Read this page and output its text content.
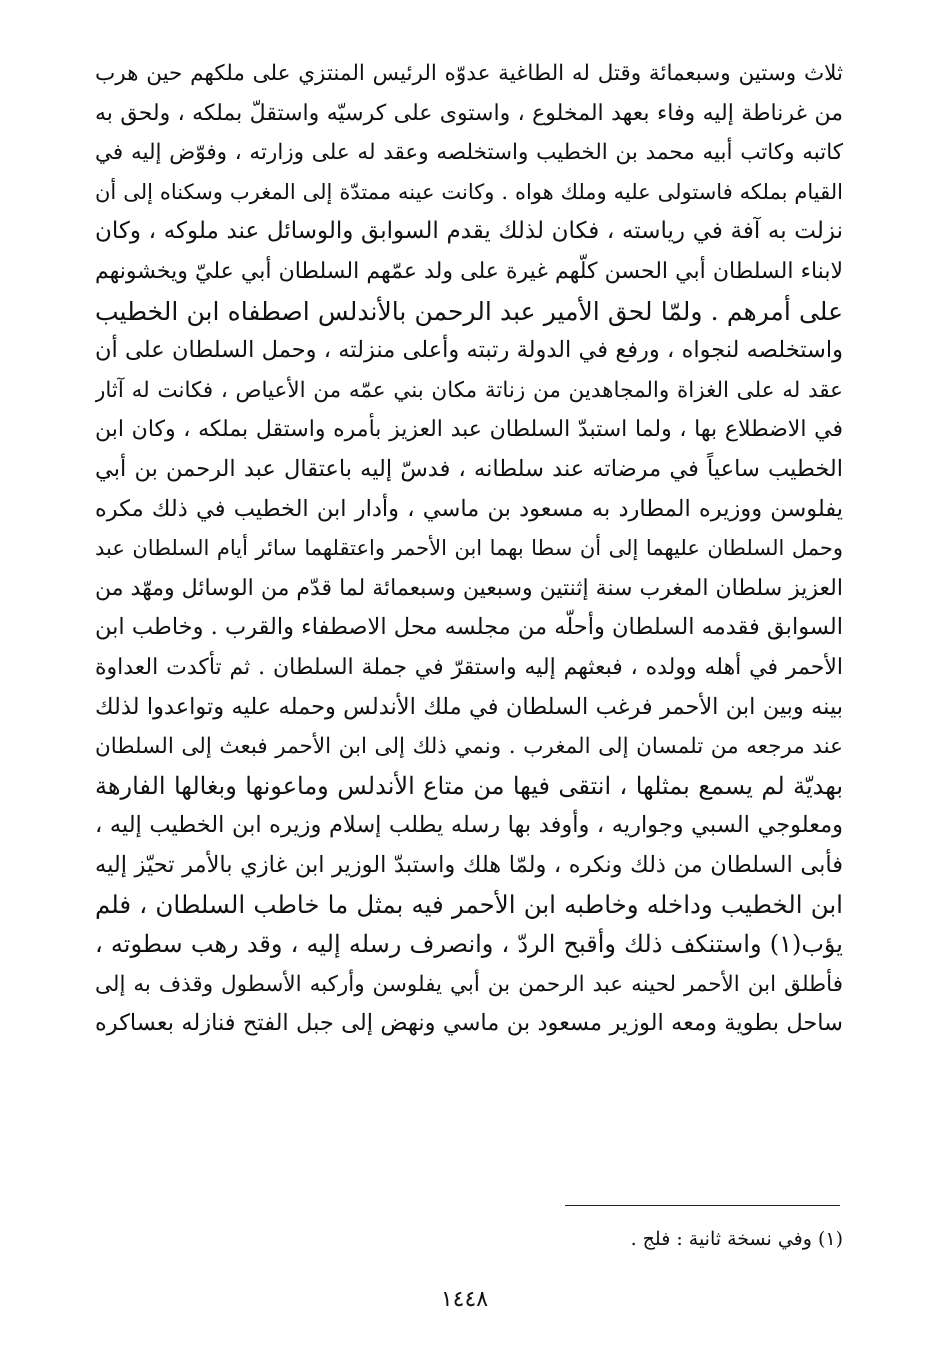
ثلاث وستين وسبعمائة وقتل له الطاغية عدوّه الرئيس المنتزي على ملكهم حين هرب
من غرناطة إليه وفاء بعهد المخلوع ، واستوى على كرسيّه واستقلّ بملكه ، ولحق به
كاتبه وكاتب أبيه محمد بن الخطيب واستخلصه وعقد له على وزارته ، وفوّض إليه في
القيام بملكه فاستولى عليه وملك هواه . وكانت عينه ممتدّة إلى المغرب وسكناه إلى أن
نزلت به آفة في رياسته ، فكان لذلك يقدم السوابق والوسائل عند ملوكه ، وكان
لابناء السلطان أبي الحسن كلّهم غيرة على ولد عمّهم السلطان أبي عليّ ويخشونهم
على أمرهم . ولمّا لحق الأمير عبد الرحمن بالأندلس اصطفاه ابن الخطيب
واستخلصه لنجواه ، ورفع في الدولة رتبته وأعلى منزلته ، وحمل السلطان على أن
عقد له على الغزاة والمجاهدين من زناتة مكان بني عمّه من الأعياص ، فكانت له آثار
في الاضطلاع بها ، ولما استبدّ السلطان عبد العزيز بأمره واستقل بملكه ، وكان ابن
الخطيب ساعياً في مرضاته عند سلطانه ، فدسّ إليه باعتقال عبد الرحمن بن أبي
يفلوسن ووزيره المطارد به مسعود بن ماسي ، وأدار ابن الخطيب في ذلك مكره
وحمل السلطان عليهما إلى أن سطا بهما ابن الأحمر واعتقلهما سائر أيام السلطان عبد
العزيز سلطان المغرب سنة إثنتين وسبعين وسبعمائة لما قدّم من الوسائل ومهّد من
السوابق فقدمه السلطان وأحلّه من مجلسه محل الاصطفاء والقرب . وخاطب ابن
الأحمر في أهله وولده ، فبعثهم إليه واستقرّ في جملة السلطان . ثم تأكدت العداوة
بينه وبين ابن الأحمر فرغب السلطان في ملك الأندلس وحمله عليه وتواعدوا لذلك
عند مرجعه من تلمسان إلى المغرب . ونمي ذلك إلى ابن الأحمر فبعث إلى السلطان
بهديّة لم يسمع بمثلها ، انتقى فيها من متاع الأندلس وماعونها وبغالها الفارهة
ومعلوجي السبي وجواريه ، وأوفد بها رسله يطلب إسلام وزيره ابن الخطيب إليه ،
فأبى السلطان من ذلك ونكره ، ولمّا هلك واستبدّ الوزير ابن غازي بالأمر تحيّز إليه
ابن الخطيب وداخله وخاطبه ابن الأحمر فيه بمثل ما خاطب السلطان ، فلم
يؤب(١) واستنكف ذلك وأقبح الردّ ، وانصرف رسله إليه ، وقد رهب سطوته ،
فأطلق ابن الأحمر لحينه عبد الرحمن بن أبي يفلوسن وأركبه الأسطول وقذف به إلى
ساحل بطوية ومعه الوزير مسعود بن ماسي ونهض إلى جبل الفتح فنازله بعساكره
(١) وفي نسخة ثانية : فلج .
١٤٤٨
